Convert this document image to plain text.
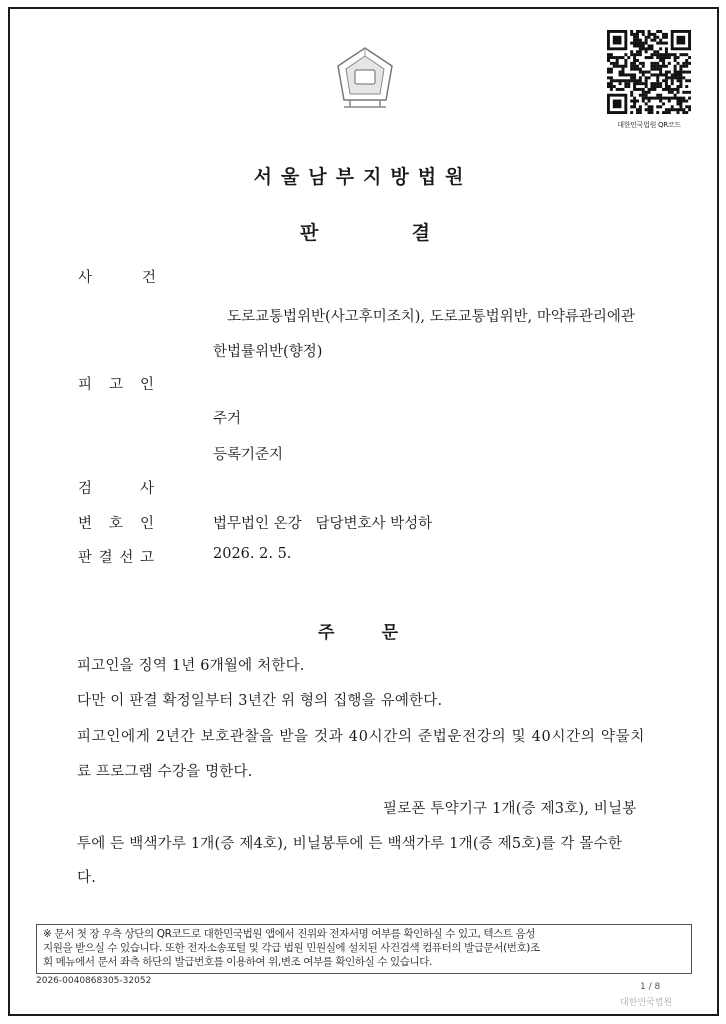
대한민국법원 QR코드
서울남부지방법원
판	결
사	건
도로교통법위반(사고후미조치), 도로교통법위반, 마약류관리에관
한법률위반(향정)
피 고 인
주거
등록기준지
검	사
변 호 인	법무법인 온강   담당변호사 박성하
판 결 선 고	2026. 2. 5.
주	문
피고인을 징역 1년 6개월에 처한다.
다만 이 판결 확정일부터 3년간 위 형의 집행을 유예한다.
피고인에게 2년간 보호관찰을 받을 것과 40시간의 준법운전강의 및 40시간의 약물치
료 프로그램 수강을 명한다.
필로폰 투약기구 1개(증 제3호), 비닐봉
투에 든 백색가루 1개(증 제4호), 비닐봉투에 든 백색가루 1개(증 제5호)를 각 몰수한
다.
※ 문서 첫 장 우측 상단의 QR코드로 대한민국법원 앱에서 진위와 전자서명 여부를 확인하실 수 있고, 텍스트 음성
지원을 받으실 수 있습니다. 또한 전자소송포털 및 각급 법원 민원실에 설치된 사건검색 컴퓨터의 발급문서(번호)조
회 메뉴에서 문서 좌측 하단의 발급번호를 이용하여 위,변조 여부를 확인하실 수 있습니다.
2026-0040868305-32052
1 / 8
대한민국법원
